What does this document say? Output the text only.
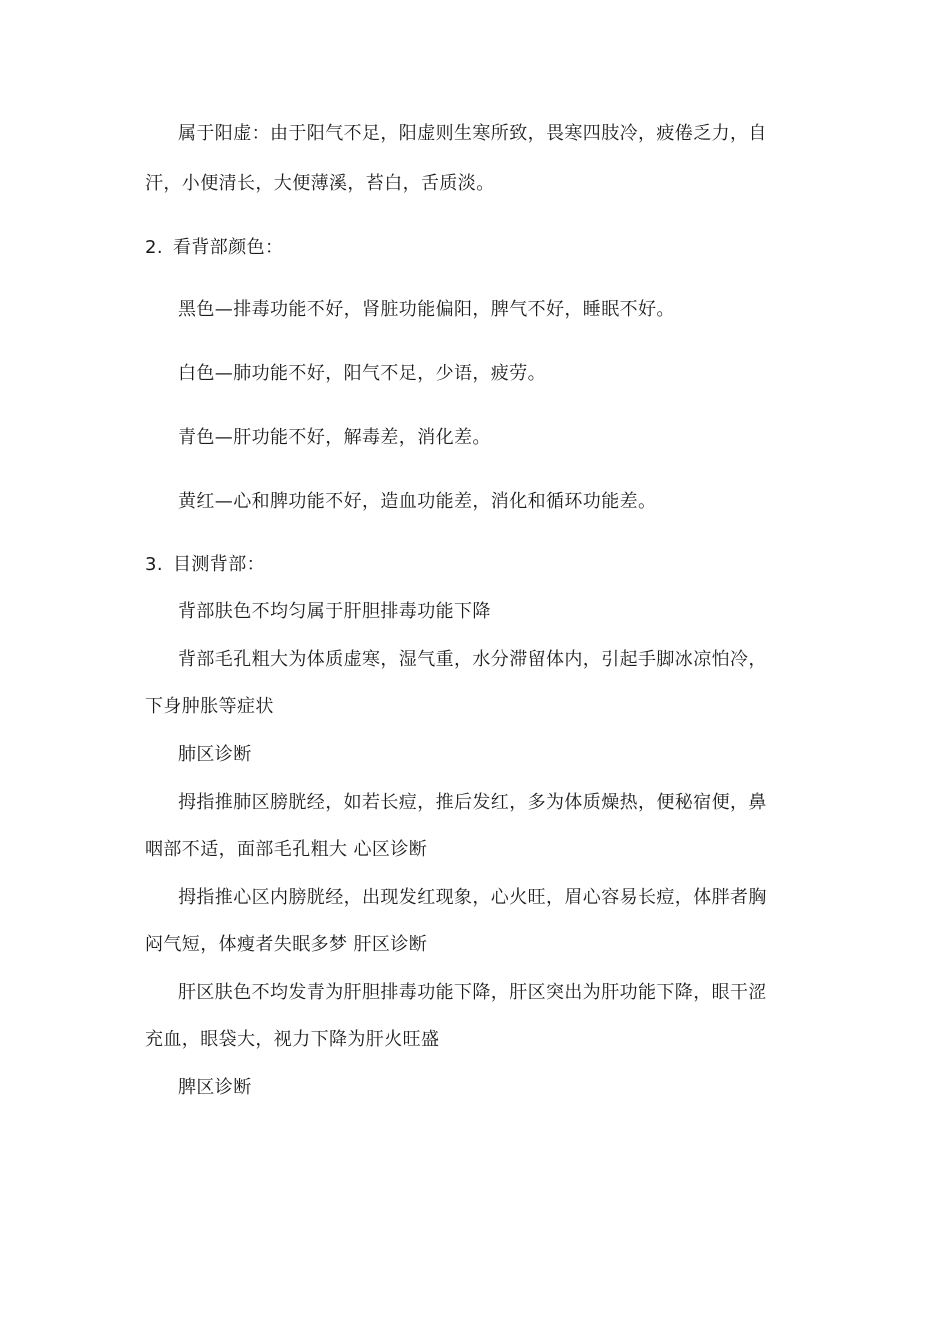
属于阳虚：由于阳气不足，阳虚则生寒所致，畏寒四肢冷，疲倦乏力，自
汗，小便清长，大便薄溪，苔白，舌质淡。
2. 看背部颜色：
黑色—排毒功能不好，肾脏功能偏阳，脾气不好，睡眠不好。
白色—肺功能不好，阳气不足，少语，疲劳。
青色—肝功能不好，解毒差，消化差。
黄红—心和脾功能不好，造血功能差，消化和循环功能差。
3. 目测背部：
背部肤色不均匀属于肝胆排毒功能下降
背部毛孔粗大为体质虚寒，湿气重，水分滞留体内，引起手脚冰凉怕冷，
下身肿胀等症状
肺区诊断
拇指推肺区膀胱经，如若长痘，推后发红，多为体质燥热，便秘宿便，鼻
咽部不适，面部毛孔粗大 心区诊断
拇指推心区内膀胱经，出现发红现象，心火旺，眉心容易长痘，体胖者胸
闷气短，体瘦者失眠多梦 肝区诊断
肝区肤色不均发青为肝胆排毒功能下降，肝区突出为肝功能下降，眼干涩
充血，眼袋大，视力下降为肝火旺盛
脾区诊断
